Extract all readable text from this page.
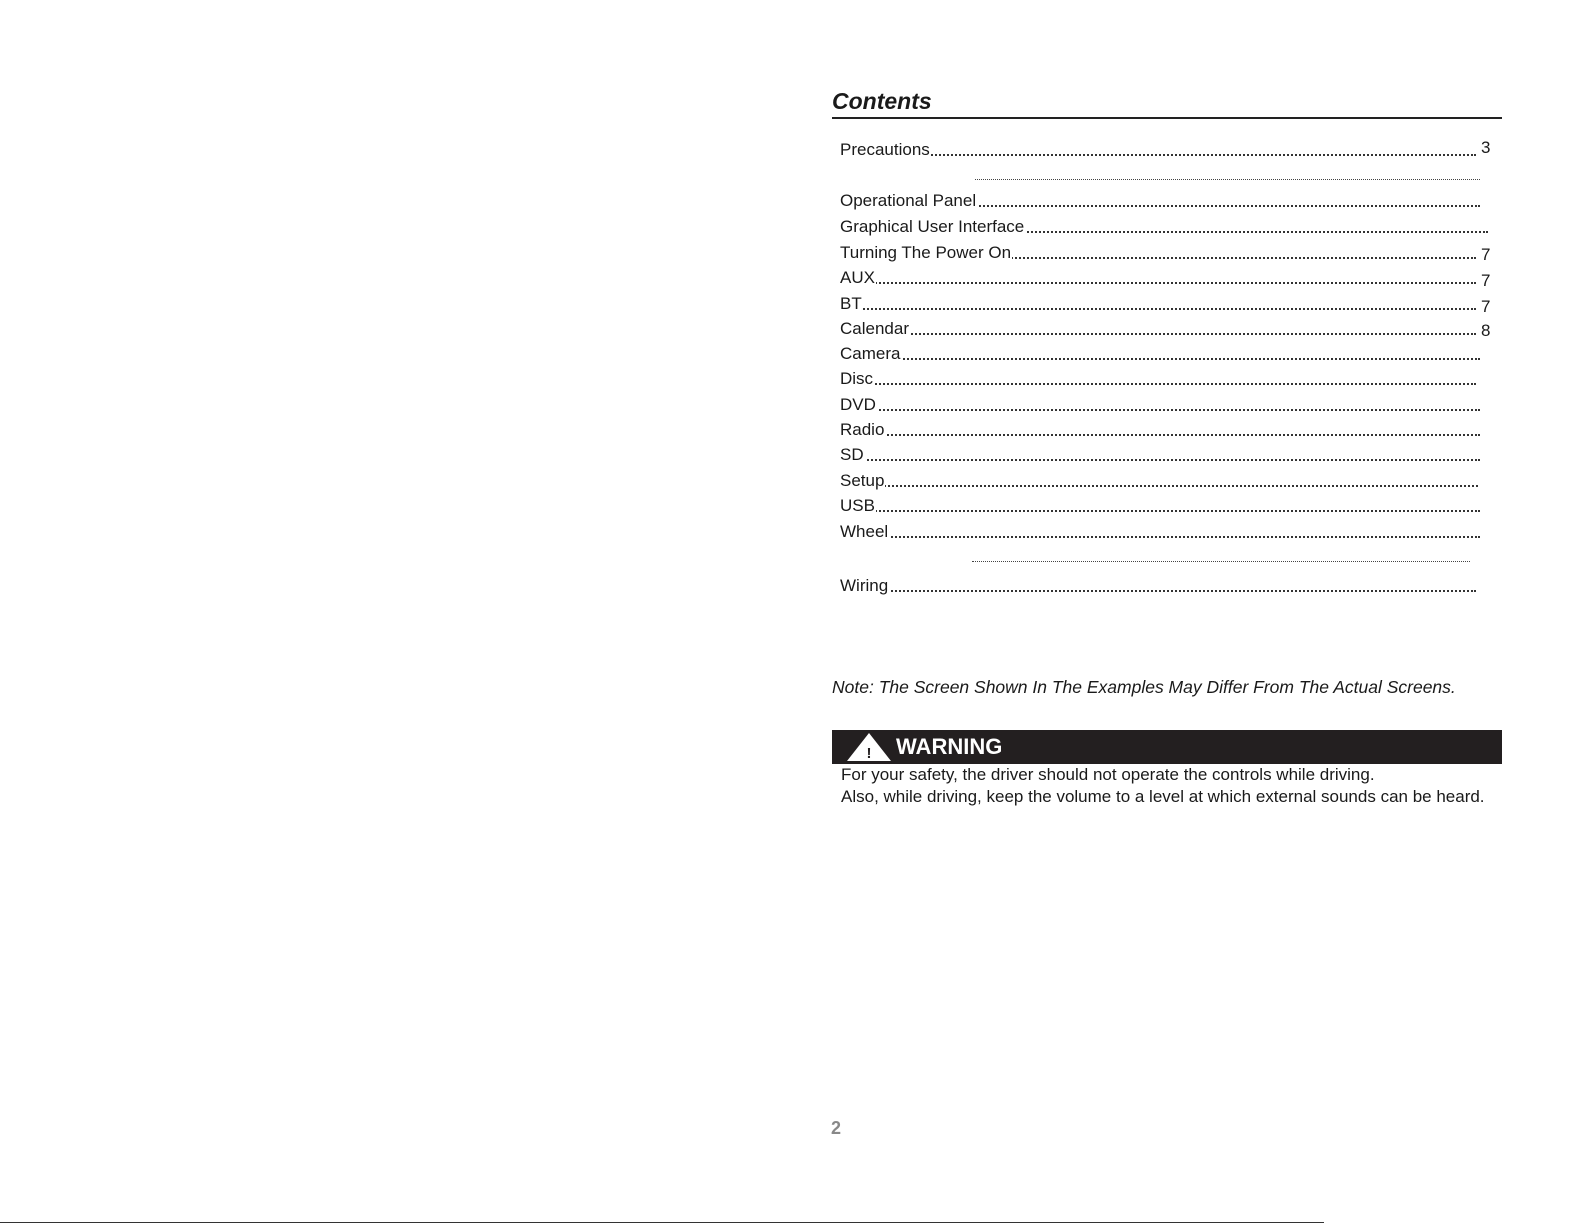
Contents
Precautions
Operational Panel
Graphical User Interface
Turning The Power On
AUX
BT
Calendar
Camera
Disc
DVD
Radio
SD
Setup
USB
Wheel
Wiring
3
7
7
7
8
Note: The Screen Shown In The Examples May Differ From The Actual Screens.
! WARNING
For your safety, the driver should not operate the controls while driving.
Also, while driving, keep the volume to a level at which external sounds can be heard.
2
